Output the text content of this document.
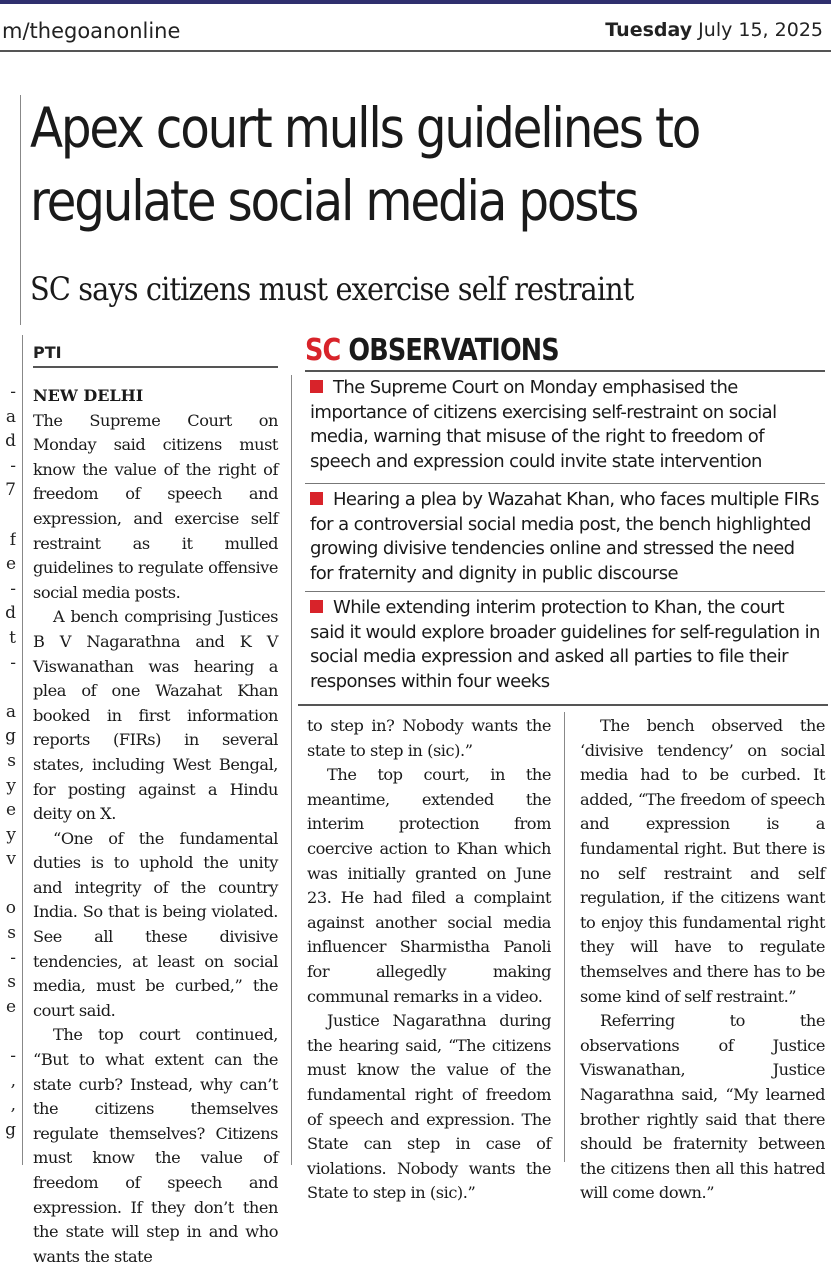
m/thegoanonline	Tuesday July 15, 2025
Apex court mulls guidelines to regulate social media posts
SC says citizens must exercise self restraint
-
a
d
-
7

f
e
-
d
t
-

a
g
s
y
e
y
v

o
s
-
s
e

-
,
,
g
PTI	SC OBSERVATIONS
The Supreme Court on Monday emphasised the importance of citizens exercising self-restraint on social media, warning that misuse of the right to freedom of speech and expression could invite state intervention
Hearing a plea by Wazahat Khan, who faces multiple FIRs for a controversial social media post, the bench highlighted growing divisive tendencies online and stressed the need for fraternity and dignity in public discourse
While extending interim protection to Khan, the court said it would explore broader guidelines for self-regulation in social media expression and asked all parties to file their responses within four weeks
NEW DELHI

The Supreme Court on Monday said citizens must know the value of the right of freedom of speech and expression, and exercise self restraint as it mulled guidelines to regulate offensive social media posts.

A bench comprising Justices B V Nagarathna and K V Viswanathan was hearing a plea of one Wazahat Khan booked in first information reports (FIRs) in several states, including West Bengal, for posting against a Hindu deity on X.

“One of the fundamental duties is to uphold the unity and integrity of the country India. So that is being violated. See all these divisive tendencies, at least on social media, must be curbed,” the court said.

The top court continued, “But to what extent can the state curb? Instead, why can’t the citizens themselves regulate themselves? Citizens must know the value of freedom of speech and expression. If they don’t then the state will step in and who wants the state

to step in? Nobody wants the state to step in (sic).”

The top court, in the meantime, extended the interim protection from coercive action to Khan which was initially granted on June 23. He had filed a complaint against another social media influencer Sharmistha Panoli for allegedly making communal remarks in a video.

Justice Nagarathna during the hearing said, “The citizens must know the value of the fundamental right of freedom of speech and expression. The State can step in case of violations. Nobody wants the State to step in (sic).”

The bench observed the ‘divisive tendency’ on social media had to be curbed. It added, “The freedom of speech and expression is a fundamental right. But there is no self restraint and self regulation, if the citizens want to enjoy this fundamental right they will have to regulate themselves and there has to be some kind of self restraint.”

Referring to the observations of Justice Viswanathan, Justice Nagarathna said, “My learned brother rightly said that there should be fraternity between the citizens then all this hatred will come down.”
